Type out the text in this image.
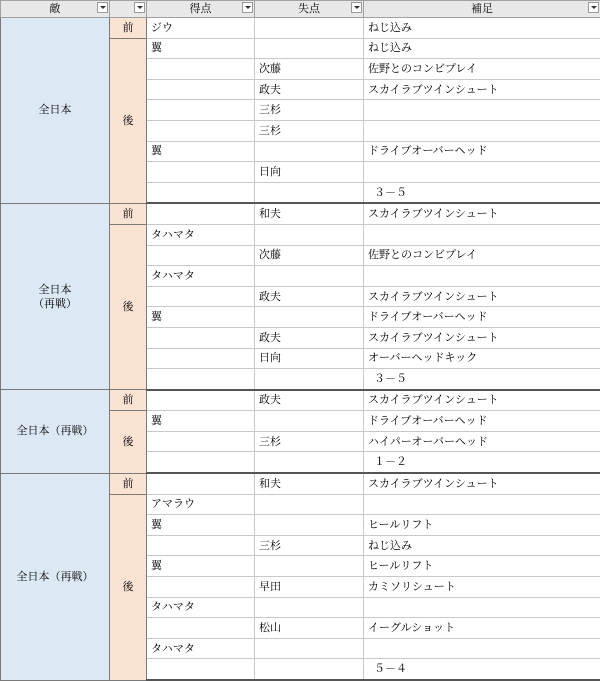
敵		得点	失点	補足

全日本	前	ジウ		ねじ込み
	後	翼		ねじ込み
			次藤	佐野とのコンビプレイ
			政夫	スカイラブツインシュート
			三杉	
			三杉	
		翼		ドライブオーバーヘッド
			日向	
				３－５
全日本
（再戦）	前		和夫	スカイラブツインシュート
	後	タハマタ		
			次藤	佐野とのコンビプレイ
		タハマタ		
			政夫	スカイラブツインシュート
		翼		ドライブオーバーヘッド
			政夫	スカイラブツインシュート
			日向	オーバーヘッドキック
				３－５
全日本（再戦）	前		政夫	スカイラブツインシュート
	後	翼		ドライブオーバーヘッド
			三杉	ハイパーオーバーヘッド
				１－２
全日本（再戦）	前		和夫	スカイラブツインシュート
	後	アマラウ		
		翼		ヒールリフト
			三杉	ねじ込み
		翼		ヒールリフト
			早田	カミソリシュート
		タハマタ		
			松山	イーグルショット
		タハマタ		
				５－４
